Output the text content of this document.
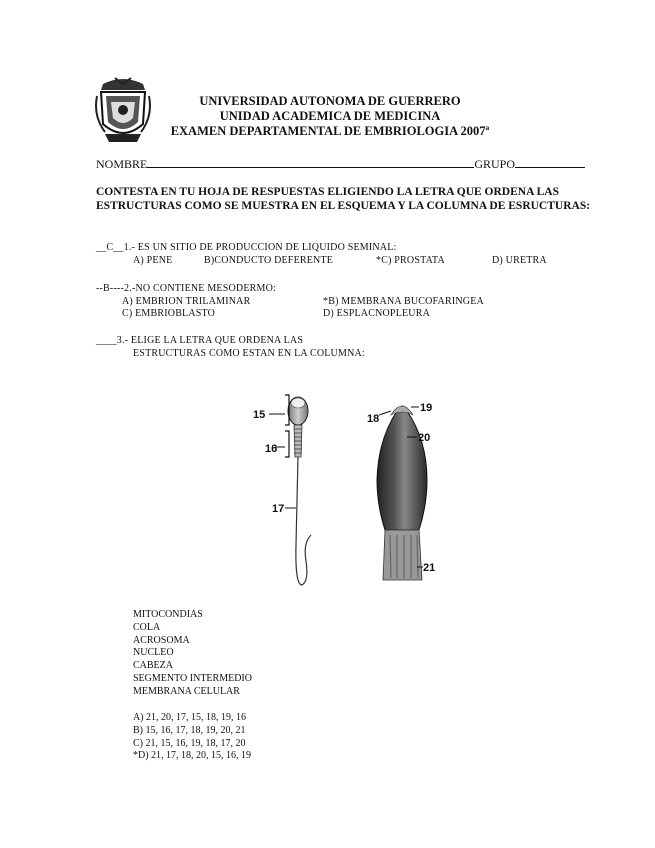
UNIVERSIDAD AUTONOMA DE GUERRERO
UNIDAD ACADEMICA DE MEDICINA
EXAMEN DEPARTAMENTAL DE EMBRIOLOGIA 2007ª
NOMBRE	GRUPO
CONTESTA EN TU HOJA DE RESPUESTAS ELIGIENDO LA LETRA QUE ORDENA LAS ESTRUCTURAS COMO SE MUESTRA EN EL ESQUEMA Y LA COLUMNA DE ESRUCTURAS:
__C__1.- ES UN SITIO DE PRODUCCION DE LIQUIDO SEMINAL:
A) PENE	B)CONDUCTO DEFERENTE	*C) PROSTATA	D) URETRA
--B----2.-NO CONTIENE MESODERMO:
A) EMBRION TRILAMINAR	*B) MEMBRANA BUCOFARINGEA
C) EMBRIOBLASTO	D) ESPLACNOPLEURA
____3.- ELIGE LA LETRA QUE ORDENA LAS
ESTRUCTURAS COMO ESTAN EN LA COLUMNA:
15
16
17
18
19
20
21
MITOCONDIAS
COLA
ACROSOMA
NUCLEO
CABEZA
SEGMENTO INTERMEDIO
MEMBRANA CELULAR
A) 21, 20, 17, 15, 18, 19, 16
B) 15, 16, 17, 18, 19, 20, 21
C) 21, 15, 16, 19, 18, 17, 20
*D) 21, 17, 18, 20, 15, 16, 19
